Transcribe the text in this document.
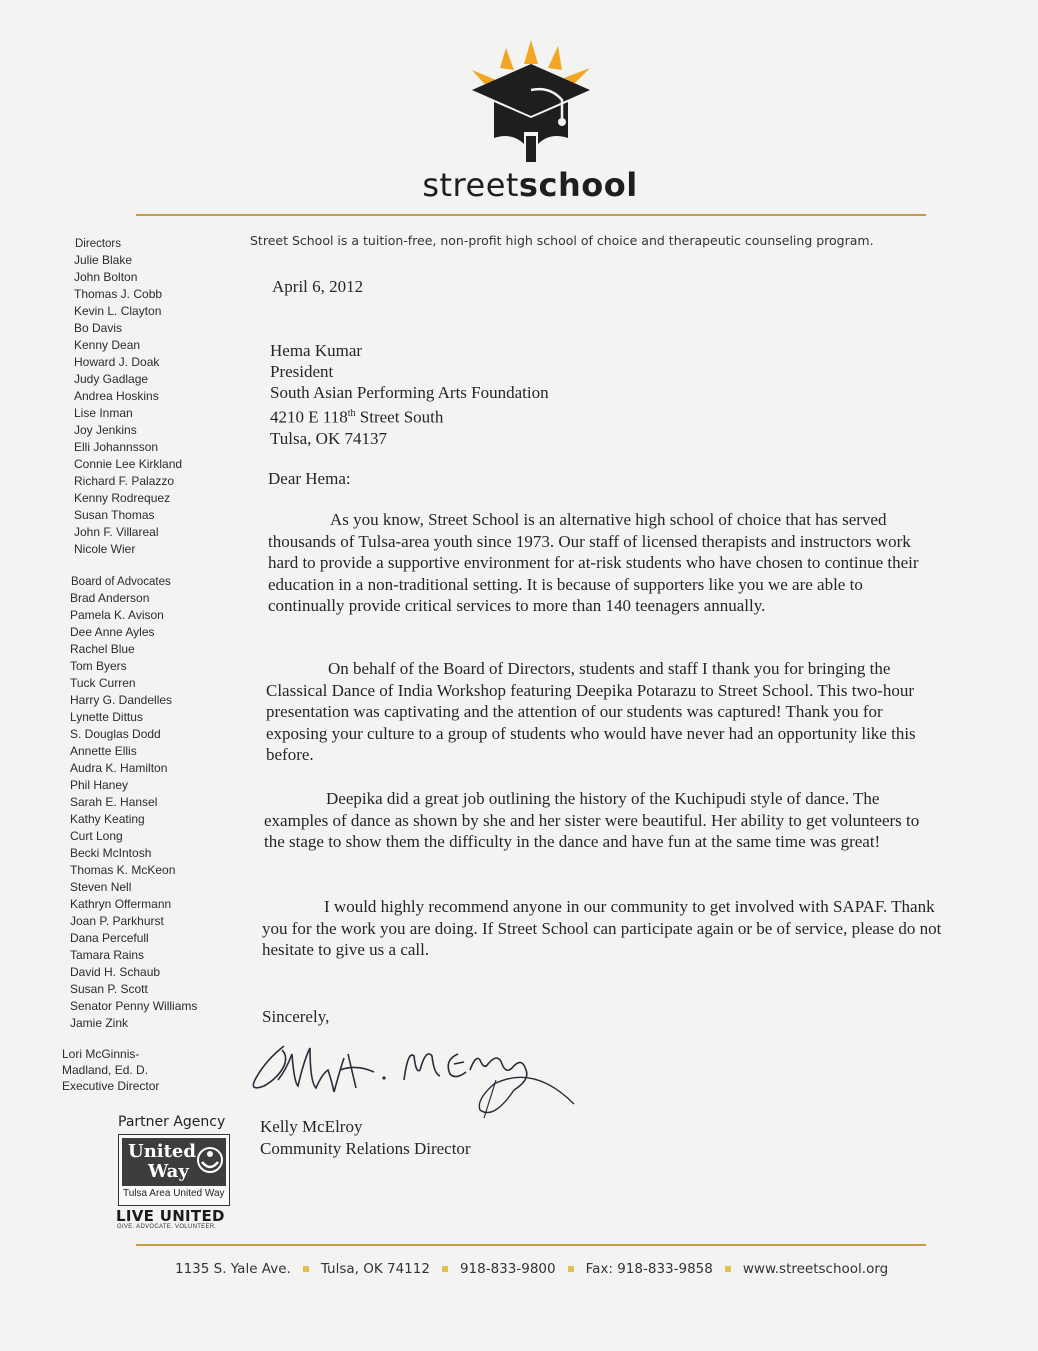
streetschool
Street School is a tuition-free, non-profit high school of choice and therapeutic counseling program.
Directors
Julie Blake
John Bolton
Thomas J. Cobb
Kevin L. Clayton
Bo Davis
Kenny Dean
Howard J. Doak
Judy Gadlage
Andrea Hoskins
Lise Inman
Joy Jenkins
Elli Johannsson
Connie Lee Kirkland
Richard F. Palazzo
Kenny Rodrequez
Susan Thomas
John F. Villareal
Nicole Wier
Board of Advocates
Brad Anderson
Pamela K. Avison
Dee Anne Ayles
Rachel Blue
Tom Byers
Tuck Curren
Harry G. Dandelles
Lynette Dittus
S. Douglas Dodd
Annette Ellis
Audra K. Hamilton
Phil Haney
Sarah E. Hansel
Kathy Keating
Curt Long
Becki McIntosh
Thomas K. McKeon
Steven Nell
Kathryn Offermann
Joan P. Parkhurst
Dana Percefull
Tamara Rains
David H. Schaub
Susan P. Scott
Senator Penny Williams
Jamie Zink
Lori McGinnis-
Madland, Ed. D.
Executive Director
Partner Agency
United
Way
Tulsa Area United Way
LIVE UNITED
GIVE. ADVOCATE. VOLUNTEER.
April 6, 2012
Hema Kumar
President
South Asian Performing Arts Foundation
4210 E 118th Street South
Tulsa, OK 74137
Dear Hema:

As you know, Street School is an alternative high school of choice that has served thousands of Tulsa-area youth since 1973. Our staff of licensed therapists and instructors work hard to provide a supportive environment for at-risk students who have chosen to continue their education in a non-traditional setting. It is because of supporters like you we are able to continually provide critical services to more than 140 teenagers annually.

On behalf of the Board of Directors, students and staff I thank you for bringing the Classical Dance of India Workshop featuring Deepika Potarazu to Street School. This two-hour presentation was captivating and the attention of our students was captured! Thank you for exposing your culture to a group of students who would have never had an opportunity like this before.

Deepika did a great job outlining the history of the Kuchipudi style of dance. The examples of dance as shown by she and her sister were beautiful. Her ability to get volunteers to the stage to show them the difficulty in the dance and have fun at the same time was great!

I would highly recommend anyone in our community to get involved with SAPAF. Thank you for the work you are doing. If Street School can participate again or be of service, please do not hesitate to give us a call.

Sincerely,
Kelly McElroy
Community Relations Director
1135 S. Yale Ave. Tulsa, OK 74112 918-833-9800 Fax: 918-833-9858 www.streetschool.org
